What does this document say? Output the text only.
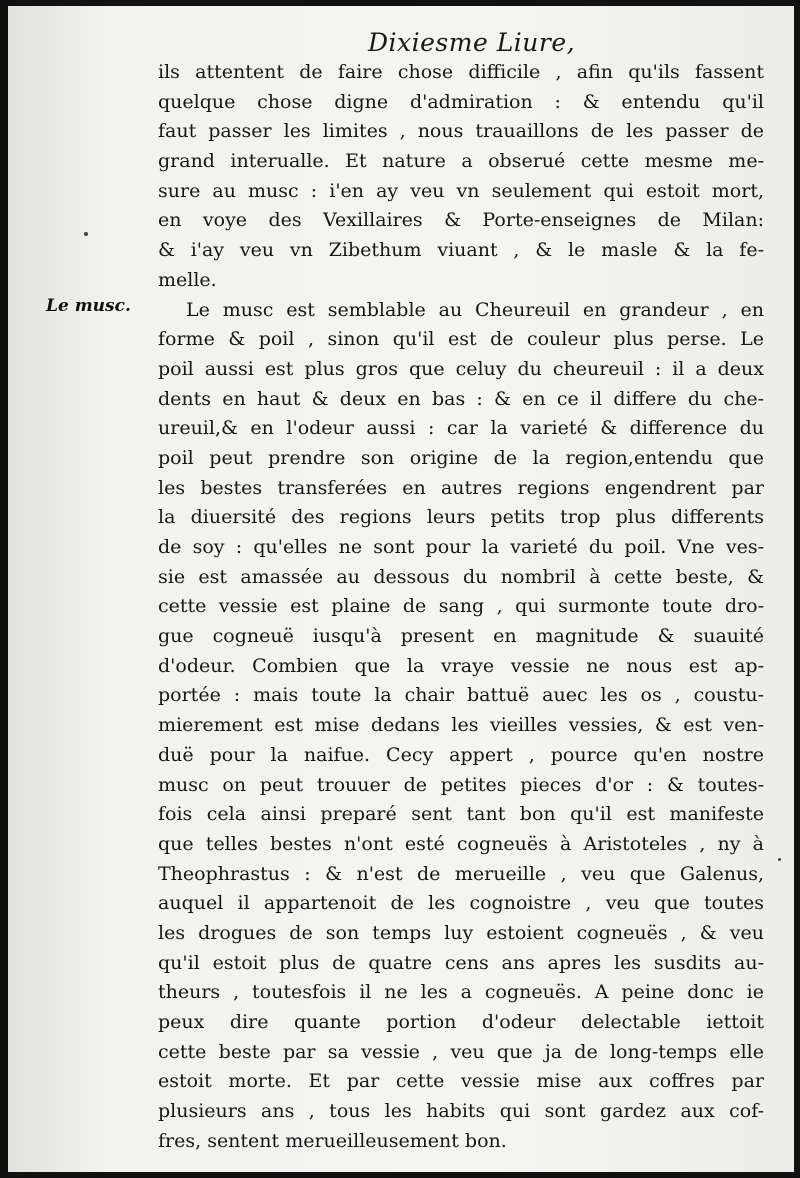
Dixiesme Liure,
Le musc.
ils attentent de faire chose difficile , afin qu'ils fassent
quelque chose digne d'admiration : & entendu qu'il
faut passer les limites , nous trauaillons de les passer de
grand interualle. Et nature a obserué cette mesme me-
sure au musc : i'en ay veu vn seulement qui estoit mort,
en voye des Vexillaires & Porte-enseignes de Milan:
& i'ay veu vn Zibethum viuant , & le masle & la fe-
melle.
Le musc est semblable au Cheureuil en grandeur , en
forme & poil , sinon qu'il est de couleur plus perse. Le
poil aussi est plus gros que celuy du cheureuil : il a deux
dents en haut & deux en bas : & en ce il differe du che-
ureuil,& en l'odeur aussi : car la varieté & difference du
poil peut prendre son origine de la region,entendu que
les bestes transferées en autres regions engendrent par
la diuersité des regions leurs petits trop plus differents
de soy : qu'elles ne sont pour la varieté du poil. Vne ves-
sie est amassée au dessous du nombril à cette beste, &
cette vessie est plaine de sang , qui surmonte toute dro-
gue cogneuë iusqu'à present en magnitude & suauité
d'odeur. Combien que la vraye vessie ne nous est ap-
portée : mais toute la chair battuë auec les os , coustu-
mierement est mise dedans les vieilles vessies, & est ven-
duë pour la naifue. Cecy appert , pource qu'en nostre
musc on peut trouuer de petites pieces d'or : & toutes-
fois cela ainsi preparé sent tant bon qu'il est manifeste
que telles bestes n'ont esté cogneuës à Aristoteles , ny à
Theophrastus : & n'est de merueille , veu que Galenus,
auquel il appartenoit de les cognoistre , veu que toutes
les drogues de son temps luy estoient cogneuës , & veu
qu'il estoit plus de quatre cens ans apres les susdits au-
theurs , toutesfois il ne les a cogneuës. A peine donc ie
peux dire quante portion d'odeur delectable iettoit
cette beste par sa vessie , veu que ja de long-temps elle
estoit morte. Et par cette vessie mise aux coffres par
plusieurs ans , tous les habits qui sont gardez aux cof-
fres, sentent merueilleusement bon.
